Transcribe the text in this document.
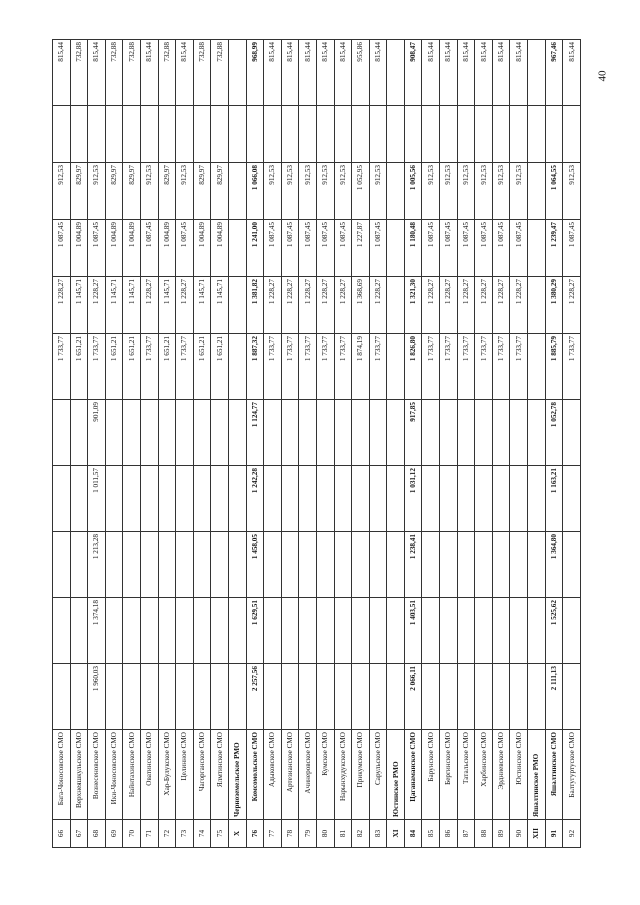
40
66	Бага-Чоносовское СМО						1 733,77	1 228,27	1 087,45	912,53		815,44
67	Верхнеяшкульское СМО						1 651,21	1 145,71	1 004,89	829,97		732,88
68	Вознесеновское СМО	1 960,03	1 374,18	1 213,28	1 011,57	901,09	1 733,77	1 228,27	1 087,45	912,53		815,44
69	Ики-Чоносовское СМО						1 651,21	1 145,71	1 004,89	829,97		732,88
70	Найнтахинское СМО						1 651,21	1 145,71	1 004,89	829,97		732,88
71	Оватинское СМО						1 733,77	1 228,27	1 087,45	912,53		815,44
72	Хар-Булукское СМО						1 651,21	1 145,71	1 004,89	829,97		732,88
73	Целинное СМО						1 733,77	1 228,27	1 087,45	912,53		815,44
74	Чагорганское СМО						1 651,21	1 145,71	1 004,89	829,97		732,88
75	Ялмтинское СМО						1 651,21	1 145,71	1 004,89	829,97		732,88
X	Черноземельское РМО											
76	Комсомольское СМО	2 257,56	1 629,51	1 458,05	1 242,28	1 124,77	1 887,32	1 381,82	1 241,00	1 066,08		968,99
77	Адыковское СМО						1 733,77	1 228,27	1 087,45	912,53		815,44
78	Артезианское СМО						1 733,77	1 228,27	1 087,45	912,53		815,44
79	Ачинеровское СМО						1 733,77	1 228,27	1 087,45	912,53		815,44
80	Кумское СМО						1 733,77	1 228,27	1 087,45	912,53		815,44
81	Нарынхудукское СМО						1 733,77	1 228,27	1 087,45	912,53		815,44
82	Прикумское СМО						1 874,19	1 368,69	1 227,87	1 052,95		955,86
83	Сарульское СМО						1 733,77	1 228,27	1 087,45	912,53		815,44
XI	Юстинское РМО											
84	Цаганаманское СМО	2 066,11	1 403,51	1 238,41	1 031,12	917,85	1 826,80	1 321,30	1 180,48	1 005,56		908,47
85	Барунское СМО						1 733,77	1 228,27	1 087,45	912,53		815,44
86	Бергинское СМО						1 733,77	1 228,27	1 087,45	912,53		815,44
87	Татальское СМО						1 733,77	1 228,27	1 087,45	912,53		815,44
88	Харбинское СМО						1 733,77	1 228,27	1 087,45	912,53		815,44
89	Эрдниевское СМО						1 733,77	1 228,27	1 087,45	912,53		815,44
90	Юстинское СМО						1 733,77	1 228,27	1 087,45	912,53		815,44
XII	Яшалтинское РМО											
91	Яшалтинское СМО	2 111,13	1 525,62	1 364,80	1 163,21	1 052,78	1 885,79	1 380,29	1 239,47	1 064,55		967,46
92	Балтугуртуское СМО						1 733,77	1 228,27	1 087,45	912,53		815,44
